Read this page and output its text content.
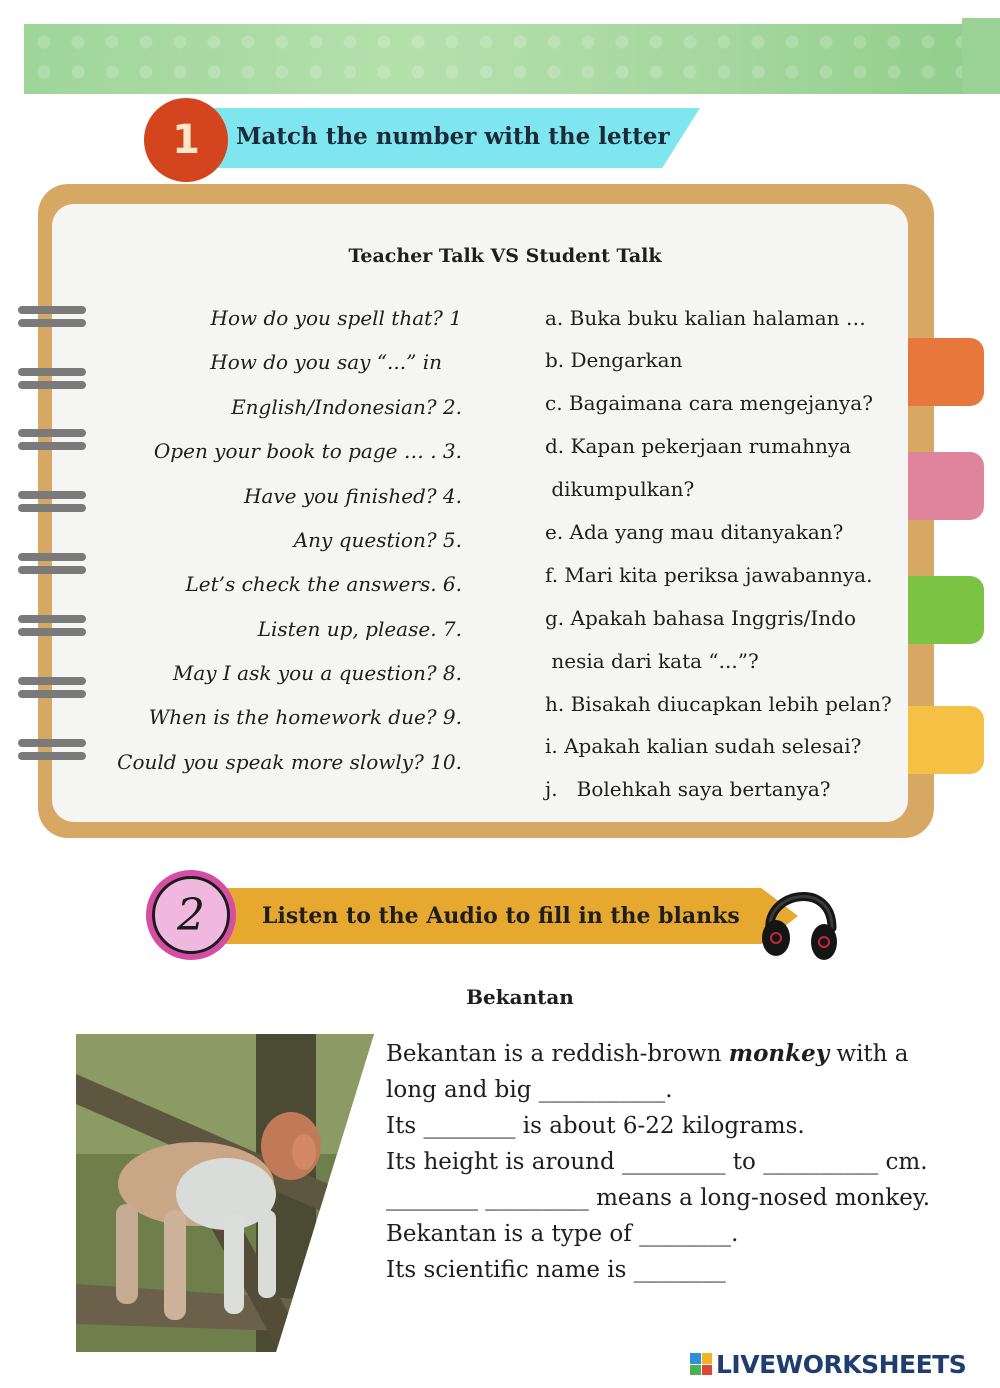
1	Match the number with the letter
Teacher Talk VS Student Talk
How do you spell that? 1
How do you say “...” in
English/Indonesian? 2.
Open your book to page … . 3.
Have you finished? 4.
Any question? 5.
Let’s check the answers. 6.
Listen up, please. 7.
May I ask you a question? 8.
When is the homework due? 9.
Could you speak more slowly? 10.
a. Buka buku kalian halaman …
b. Dengarkan
c. Bagaimana cara mengejanya?
d. Kapan pekerjaan rumahnya
dikumpulkan?
e. Ada yang mau ditanyakan?
f. Mari kita periksa jawabannya.
g. Apakah bahasa Inggris/Indo
nesia dari kata “...”?
h. Bisakah diucapkan lebih pelan?
i. Apakah kalian sudah selesai?
j.   Bolehkah saya bertanya?
2	Listen to the Audio to fill in the blanks
Bekantan
Bekantan is a reddish-brown monkey with a
long and big ___________.
Its ________ is about 6-22 kilograms.
Its height is around _________ to __________ cm.
________ _________ means a long-nosed monkey.
Bekantan is a type of ________.
Its scientific name is ________
LIVEWORKSHEETS
